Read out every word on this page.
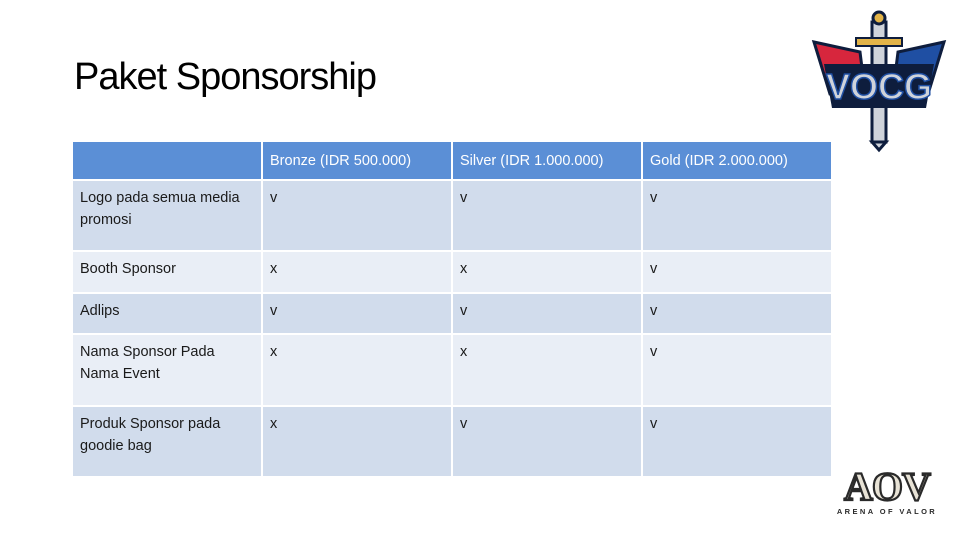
Paket Sponsorship	VOCG
	Bronze (IDR 500.000)	Silver (IDR 1.000.000)	Gold (IDR 2.000.000)
Logo pada semua media promosi	v	v	v
Booth Sponsor	x	x	v
Adlips	v	v	v
Nama Sponsor Pada Nama Event	x	x	v
Produk Sponsor pada goodie bag	x	v	v
AOV
ARENA OF VALOR
